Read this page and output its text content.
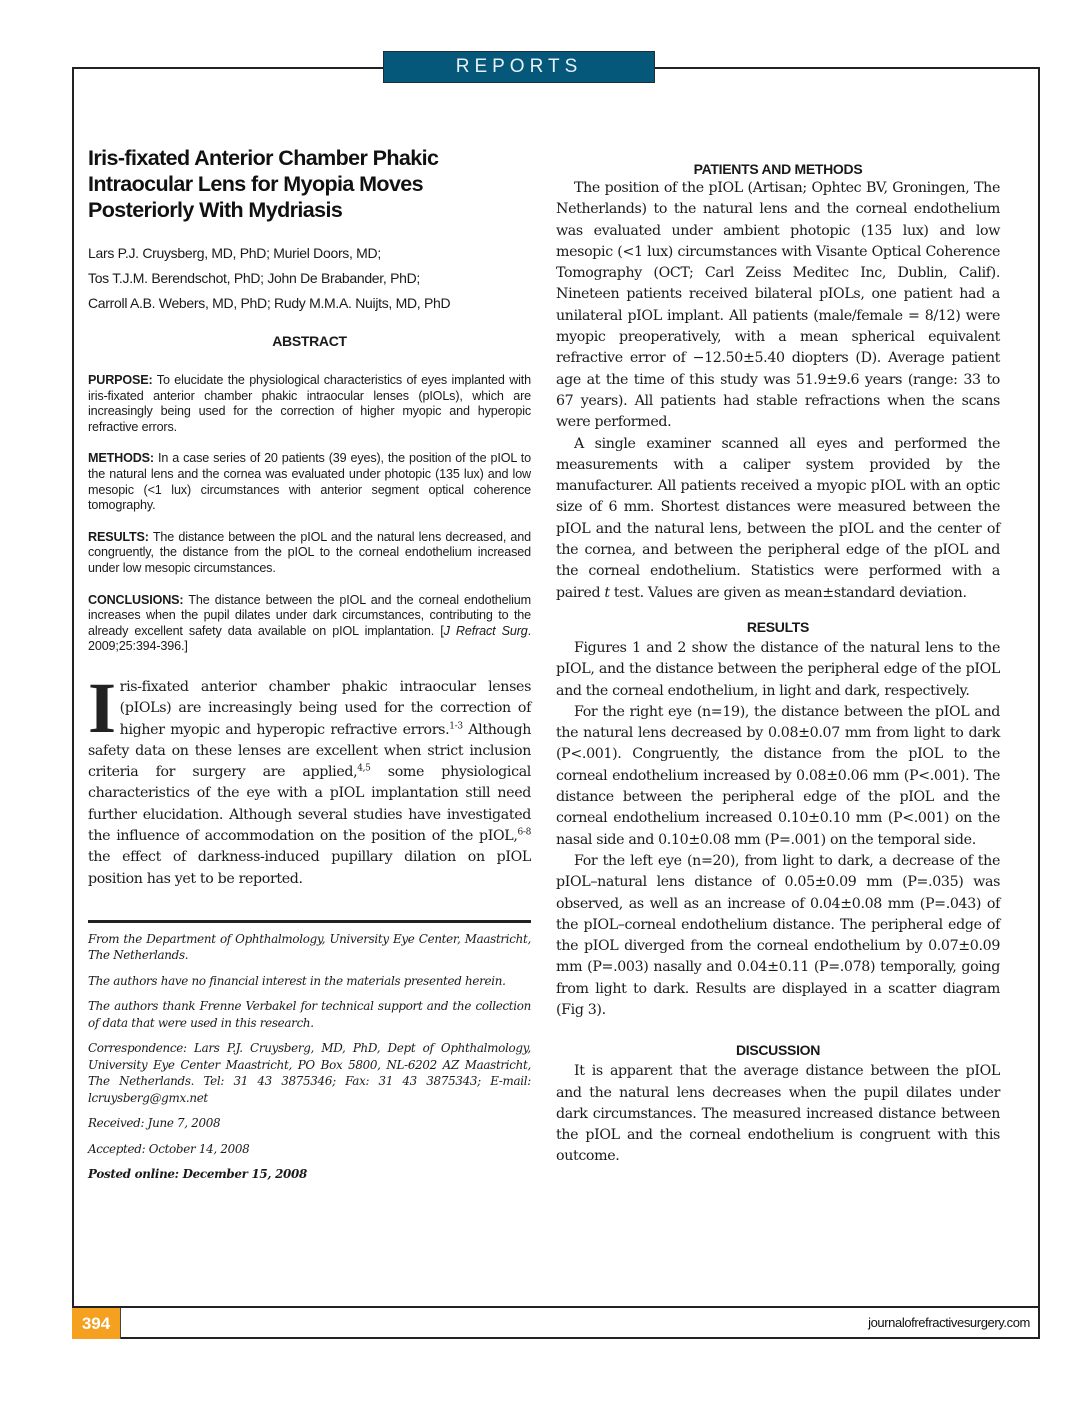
REPORTS
Iris-fixated Anterior Chamber Phakic Intraocular Lens for Myopia Moves Posteriorly With Mydriasis
Lars P.J. Cruysberg, MD, PhD; Muriel Doors, MD;
Tos T.J.M. Berendschot, PhD; John De Brabander, PhD;
Carroll A.B. Webers, MD, PhD; Rudy M.M.A. Nuijts, MD, PhD
ABSTRACT

PURPOSE: To elucidate the physiological characteristics of eyes implanted with iris-fixated anterior chamber phakic intraocular lenses (pIOLs), which are increasingly being used for the correction of higher myopic and hyperopic refractive errors.

METHODS: In a case series of 20 patients (39 eyes), the position of the pIOL to the natural lens and the cornea was evaluated under photopic (135 lux) and low mesopic (<1 lux) circumstances with anterior segment optical coherence tomography.

RESULTS: The distance between the pIOL and the natural lens decreased, and congruently, the distance from the pIOL to the corneal endothelium increased under low mesopic circumstances.

CONCLUSIONS: The distance between the pIOL and the corneal endothelium increases when the pupil dilates under dark circumstances, contributing to the already excellent safety data available on pIOL implantation. [J Refract Surg. 2009;25:394-396.]

Iris-fixated anterior chamber phakic intraocular lenses (pIOLs) are increasingly being used for the correction of higher myopic and hyperopic refractive errors.$^{1-3}$ Although safety data on these lenses are excellent when strict inclusion criteria for surgery are applied,$^{4,5}$ some physiological characteristics of the eye with a pIOL implantation still need further elucidation. Although several studies have investigated the influence of accommodation on the position of the pIOL,$^{6-8}$ the effect of darkness-induced pupillary dilation on pIOL position has yet to be reported.

From the Department of Ophthalmology, University Eye Center, Maastricht, The Netherlands.

The authors have no financial interest in the materials presented herein.

The authors thank Frenne Verbakel for technical support and the collection of data that were used in this research.

Correspondence: Lars P.J. Cruysberg, MD, PhD, Dept of Ophthalmology, University Eye Center Maastricht, PO Box 5800, NL-6202 AZ Maastricht, The Netherlands. Tel: 31 43 3875346; Fax: 31 43 3875343; E-mail: lcruysberg@gmx.net

Received: June 7, 2008

Accepted: October 14, 2008

Posted online: December 15, 2008

PATIENTS AND METHODS

The position of the pIOL (Artisan; Ophtec BV, Groningen, The Netherlands) to the natural lens and the corneal endothelium was evaluated under ambient photopic (135 lux) and low mesopic (<1 lux) circumstances with Visante Optical Coherence Tomography (OCT; Carl Zeiss Meditec Inc, Dublin, Calif). Nineteen patients received bilateral pIOLs, one patient had a unilateral pIOL implant. All patients (male/female = 8/12) were myopic preoperatively, with a mean spherical equivalent refractive error of −12.50±5.40 diopters (D). Average patient age at the time of this study was 51.9±9.6 years (range: 33 to 67 years). All patients had stable refractions when the scans were performed.

A single examiner scanned all eyes and performed the measurements with a caliper system provided by the manufacturer. All patients received a myopic pIOL with an optic size of 6 mm. Shortest distances were measured between the pIOL and the natural lens, between the pIOL and the center of the cornea, and between the peripheral edge of the pIOL and the corneal endothelium. Statistics were performed with a paired t test. Values are given as mean±standard deviation.

RESULTS

Figures 1 and 2 show the distance of the natural lens to the pIOL, and the distance between the peripheral edge of the pIOL and the corneal endothelium, in light and dark, respectively.

For the right eye (n=19), the distance between the pIOL and the natural lens decreased by 0.08±0.07 mm from light to dark (P<.001). Congruently, the distance from the pIOL to the corneal endothelium increased by 0.08±0.06 mm (P<.001). The distance between the peripheral edge of the pIOL and the corneal endothelium increased 0.10±0.10 mm (P<.001) on the nasal side and 0.10±0.08 mm (P=.001) on the temporal side.

For the left eye (n=20), from light to dark, a decrease of the pIOL–natural lens distance of 0.05±0.09 mm (P=.035) was observed, as well as an increase of 0.04±0.08 mm (P=.043) of the pIOL–corneal endothelium distance. The peripheral edge of the pIOL diverged from the corneal endothelium by 0.07±0.09 mm (P=.003) nasally and 0.04±0.11 (P=.078) temporally, going from light to dark. Results are displayed in a scatter diagram (Fig 3).

DISCUSSION

It is apparent that the average distance between the pIOL and the natural lens decreases when the pupil dilates under dark circumstances. The measured increased distance between the pIOL and the corneal endothelium is congruent with this outcome.

394	journalofrefractivesurgery.com
